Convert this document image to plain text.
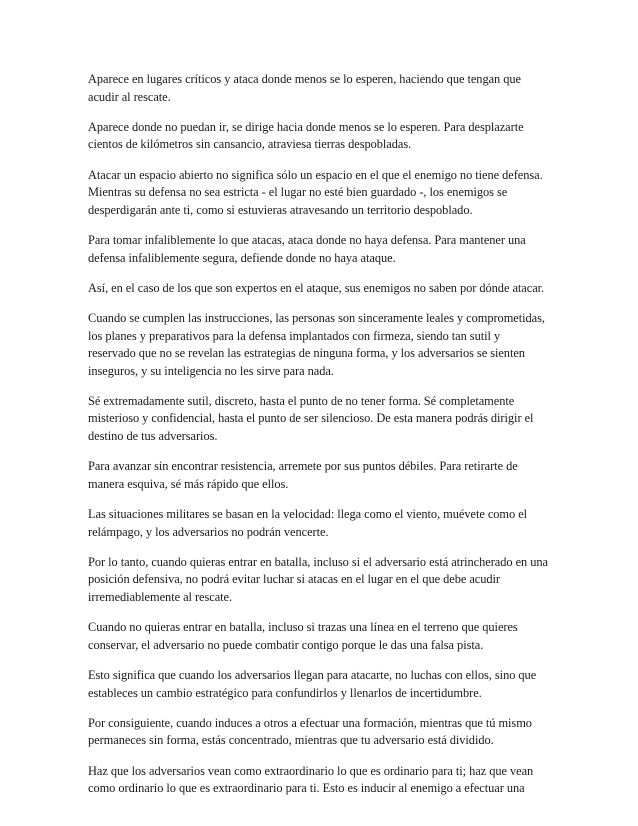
Aparece en lugares críticos y ataca donde menos se lo esperen, haciendo que tengan que acudir al rescate.

Aparece donde no puedan ir, se dirige hacia donde menos se lo esperen. Para desplazarte cientos de kilómetros sin cansancio, atraviesa tierras despobladas.

Atacar un espacio abierto no significa sólo un espacio en el que el enemigo no tiene defensa. Mientras su defensa no sea estricta - el lugar no esté bien guardado -, los enemigos se desperdigarán ante ti, como si estuvieras atravesando un territorio despoblado.

Para tomar infaliblemente lo que atacas, ataca donde no haya defensa. Para mantener una defensa infaliblemente segura, defiende donde no haya ataque.

Así, en el caso de los que son expertos en el ataque, sus enemigos no saben por dónde atacar.

Cuando se cumplen las instrucciones, las personas son sinceramente leales y comprometidas, los planes y preparativos para la defensa implantados con firmeza, siendo tan sutil y reservado que no se revelan las estrategias de ninguna forma, y los adversarios se sienten inseguros, y su inteligencia no les sirve para nada.

Sé extremadamente sutil, discreto, hasta el punto de no tener forma. Sé completamente misterioso y confidencial, hasta el punto de ser silencioso. De esta manera podrás dirigir el destino de tus adversarios.

Para avanzar sin encontrar resistencia, arremete por sus puntos débiles. Para retirarte de manera esquiva, sé más rápido que ellos.

Las situaciones militares se basan en la velocidad: llega como el viento, muévete como el relámpago, y los adversarios no podrán vencerte.

Por lo tanto, cuando quieras entrar en batalla, incluso si el adversario está atrincherado en una posición defensiva, no podrá evitar luchar si atacas en el lugar en el que debe acudir irremediablemente al rescate.

Cuando no quieras entrar en batalla, incluso si trazas una línea en el terreno que quieres conservar, el adversario no puede combatir contigo porque le das una falsa pista.

Esto significa que cuando los adversarios llegan para atacarte, no luchas con ellos, sino que estableces un cambio estratégico para confundirlos y llenarlos de incertidumbre.

Por consiguiente, cuando induces a otros a efectuar una formación, mientras que tú mismo permaneces sin forma, estás concentrado, mientras que tu adversario está dividido.

Haz que los adversarios vean como extraordinario lo que es ordinario para ti; haz que vean como ordinario lo que es extraordinario para ti. Esto es inducir al enemigo a efectuar una
